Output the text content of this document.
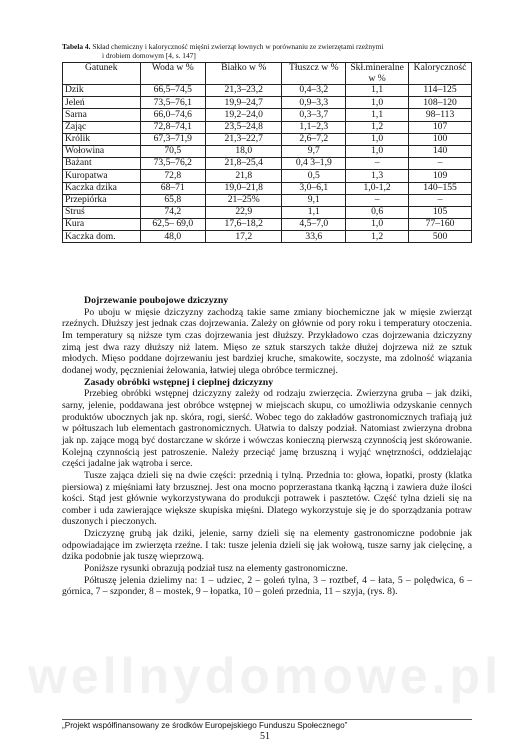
Tabela 4. Skład chemiczny i kaloryczność mięśni zwierząt łownych w porównaniu ze zwierzętami rzeźnymi
i drobiem domowym [4, s. 147]
Gatunek	Woda w %	Białko w %	Tłuszcz w %	Skł.mineralne w %	Kaloryczność
Dzik	66,5–74,5	21,3–23,2	0,4–3,2	1,1	114–125
Jeleń	73,5–76,1	19,9–24,7	0,9–3,3	1,0	108–120
Sarna	66,0–74,6	19,2–24,0	0,3–3,7	1,1	98–113
Zając	72,8–74,1	23,5–24,8	1,1–2,3	1,2	107
Królik	67,3–71,9	21,3–22,7	2,6–7,2	1,0	100
Wołowina	70,5	18,0	9,7	1,0	140
Bażant	73,5–76,2	21,8–25,4	0,4 3–1,9	–	–
Kuropatwa	72,8	21,8	0,5	1,3	109
Kaczka dzika	68–71	19,0–21,8	3,0–6,1	1,0-1,2	140–155
Przepiórka	65,8	21–25%	9,1	–	–
Struś	74,2	22,9	1,1	0,6	105
Kura	62,5– 69,0	17,6–18,2	4,5–7,0	1,0	77–160
Kaczka dom.	48,0	17,2	33,6	1,2	500
Dojrzewanie poubojowe dziczyzny

Po uboju w mięsie dziczyzny zachodzą takie same zmiany biochemiczne jak w mięsie zwierząt rzeźnych. Dłuższy jest jednak czas dojrzewania. Zależy on głównie od pory roku i temperatury otoczenia. Im temperatury są niższe tym czas dojrzewania jest dłuższy. Przykładowo czas dojrzewania dziczyzny zimą jest dwa razy dłuższy niż latem. Mięso ze sztuk starszych także dłużej dojrzewa niż ze sztuk młodych. Mięso poddane dojrzewaniu jest bardziej kruche, smakowite, soczyste, ma zdolność wiązania dodanej wody, pęcznieniai żelowania, łatwiej ulega obróbce termicznej.

Zasady obróbki wstępnej i cieplnej dziczyzny

Przebieg obróbki wstępnej dziczyzny zależy od rodzaju zwierzęcia. Zwierzyna gruba – jak dziki, sarny, jelenie, poddawana jest obróbce wstępnej w miejscach skupu, co umożliwia odzyskanie cennych produktów ubocznych jak np. skóra, rogi, sierść. Wobec tego do zakładów gastronomicznych trafiają już w półtuszach lub elementach gastronomicznych. Ułatwia to dalszy podział. Natomiast zwierzyna drobna jak np. zające mogą być dostarczane w skórze i wówczas konieczną pierwszą czynnością jest skórowanie. Kolejną czynnością jest patroszenie. Należy przeciąć jamę brzuszną i wyjąć wnętrzności, oddzielając części jadalne jak wątroba i serce.

Tusze zająca dzieli się na dwie części: przednią i tylną. Przednia to: głowa, łopatki, prosty (klatka piersiowa) z mięśniami łaty brzusznej. Jest ona mocno poprzerastana tkanką łączną i zawiera duże ilości kości. Stąd jest głównie wykorzystywana do produkcji potrawek i pasztetów. Część tylna dzieli się na comber i uda zawierające większe skupiska mięśni. Dlatego wykorzystuje się je do sporządzania potraw duszonych i pieczonych.

Dziczyznę grubą jak dziki, jelenie, sarny dzieli się na elementy gastronomiczne podobnie jak odpowiadające im zwierzęta rzeźne. I tak: tusze jelenia dzieli się jak wołową, tusze sarny jak cielęcinę, a dzika podobnie jak tuszę wieprzową.

Poniższe rysunki obrazują podział tusz na elementy gastronomiczne.

Półtuszę jelenia dzielimy na: 1 – udziec, 2 – goleń tylna, 3 – roztbef, 4 – łata, 5 – polędwica, 6 – górnica, 7 – szponder, 8 – mostek, 9 – łopatka, 10 – goleń przednia, 11 – szyja, (rys. 8).

wellnydomowe.pl
„Projekt współfinansowany ze środków Europejskiego Funduszu Społecznego”
51
